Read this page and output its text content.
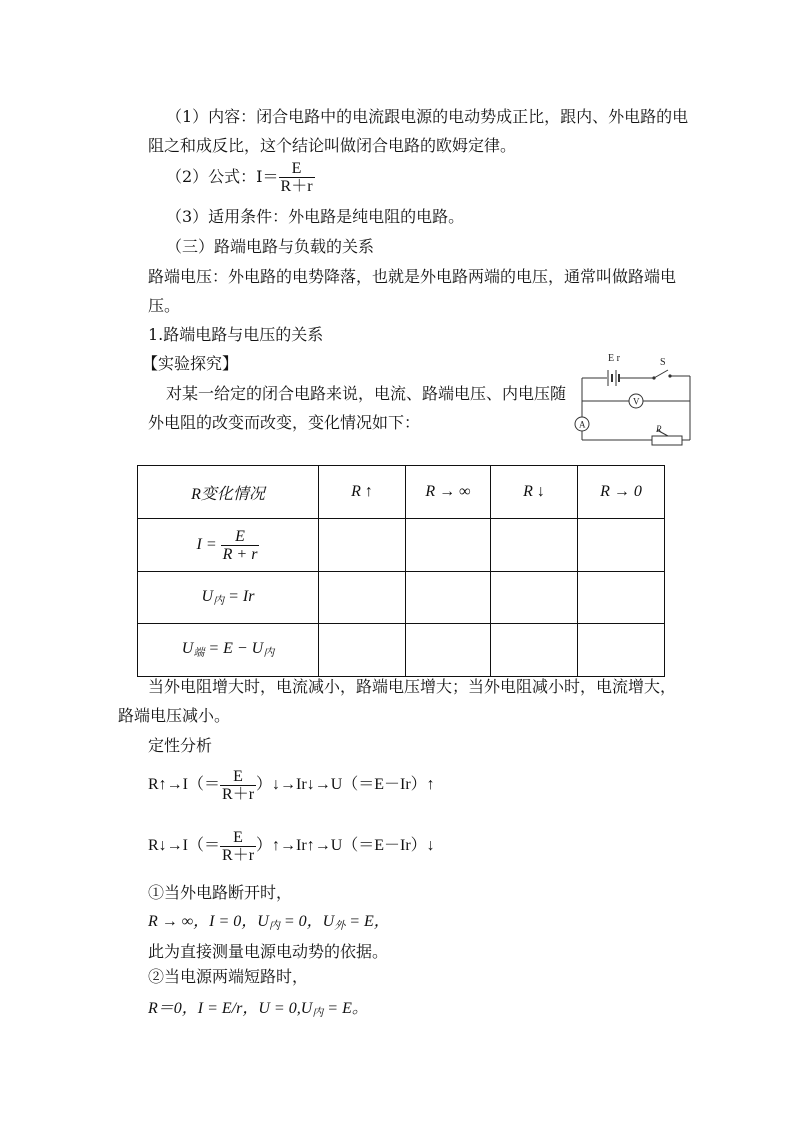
（1）内容：闭合电路中的电流跟电源的电动势成正比，跟内、外电路的电
阻之和成反比，这个结论叫做闭合电路的欧姆定律。
（2）公式：$I= \frac{E}{R+r}$
（3）适用条件：外电路是纯电阻的电路。
（三）路端电路与负载的关系
路端电压：外电路的电势降落，也就是外电路两端的电压，通常叫做路端电
压。
1.路端电路与电压的关系
【实验探究】
对某一给定的闭合电路来说，电流、路端电压、内电压随
外电阻的改变而改变，变化情况如下：
E r	S
V
A	R
R变化情况	R ↑	R → ∞	R ↓	R → 0
$I = \frac{E}{R + r}$

$U_内 = Ir$				
$U_端 = E - U_内$				
当外电阻增大时，电流减小，路端电压增大；当外电阻减小时，电流增大，
路端电压减小。
定性分析
R↑→I（＝ $\frac{E}{R+r}$ ）↓→Ir↓→U（＝E－Ir）↑
R↓→I（＝ $\frac{E}{R+r}$ ）↑→Ir↑→U（＝E－Ir）↓
①当外电路断开时，
R → ∞，I = 0，$U_内 = 0$，$U_外 = E$，
此为直接测量电源电动势的依据。
②当电源两端短路时，
R＝0，I = E/r，$U = 0,U_内 = E$。
